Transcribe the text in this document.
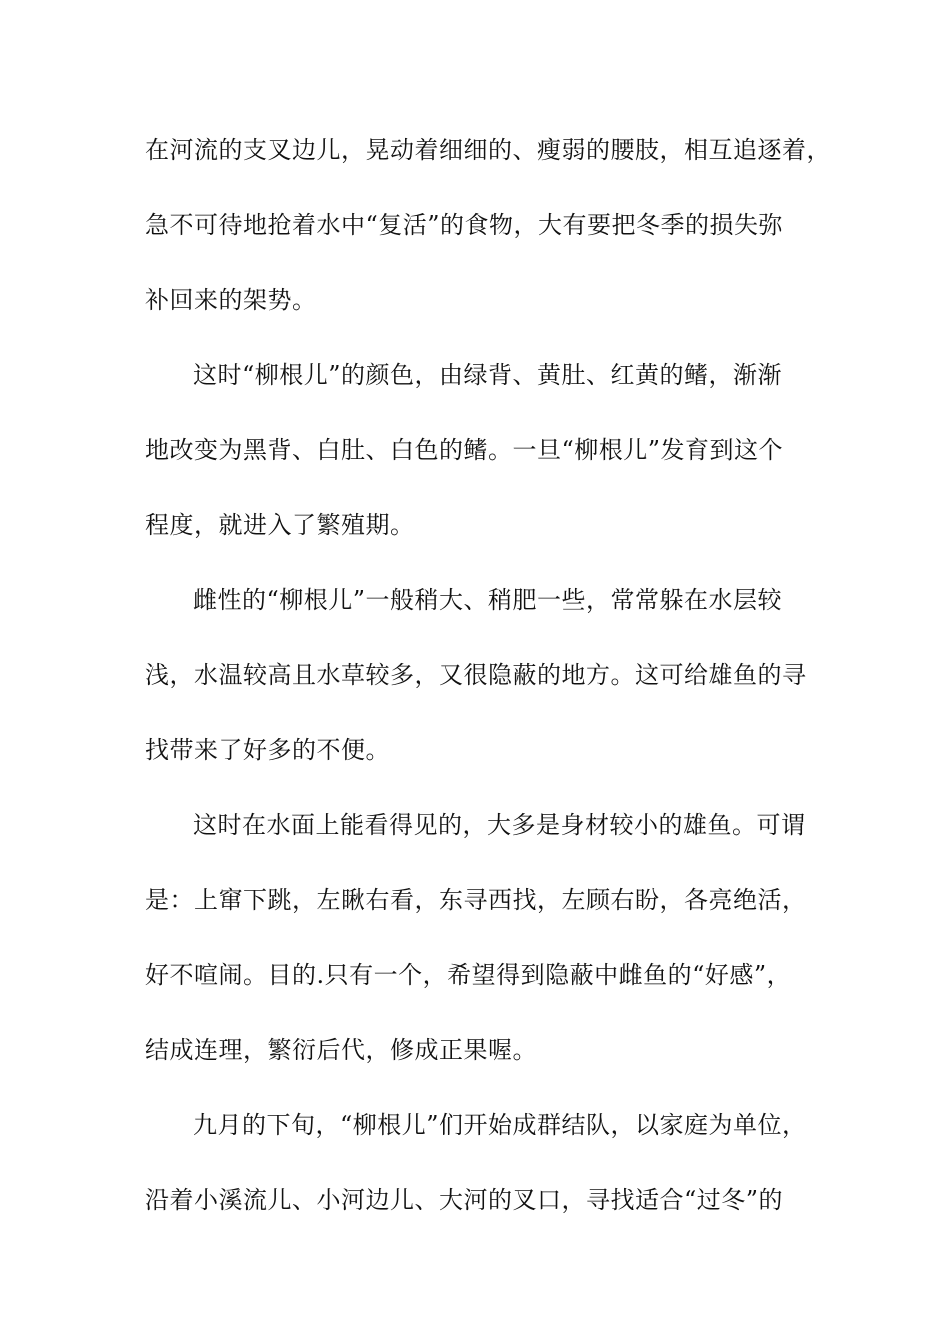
在河流的支叉边儿，晃动着细细的、瘦弱的腰肢，相互追逐着，
急不可待地抢着水中“复活”的食物，大有要把冬季的损失弥
补回来的架势。
这时“柳根儿”的颜色，由绿背、黄肚、红黄的鳍，渐渐
地改变为黑背、白肚、白色的鳍。一旦“柳根儿”发育到这个
程度，就进入了繁殖期。
雌性的“柳根儿”一般稍大、稍肥一些，常常躲在水层较
浅，水温较高且水草较多，又很隐蔽的地方。这可给雄鱼的寻
找带来了好多的不便。
这时在水面上能看得见的，大多是身材较小的雄鱼。可谓
是：上窜下跳，左瞅右看，东寻西找，左顾右盼，各亮绝活，
好不喧闹。目的.只有一个，希望得到隐蔽中雌鱼的“好感”，
结成连理，繁衍后代，修成正果喔。
九月的下旬，“柳根儿”们开始成群结队，以家庭为单位，
沿着小溪流儿、小河边儿、大河的叉口，寻找适合“过冬”的
